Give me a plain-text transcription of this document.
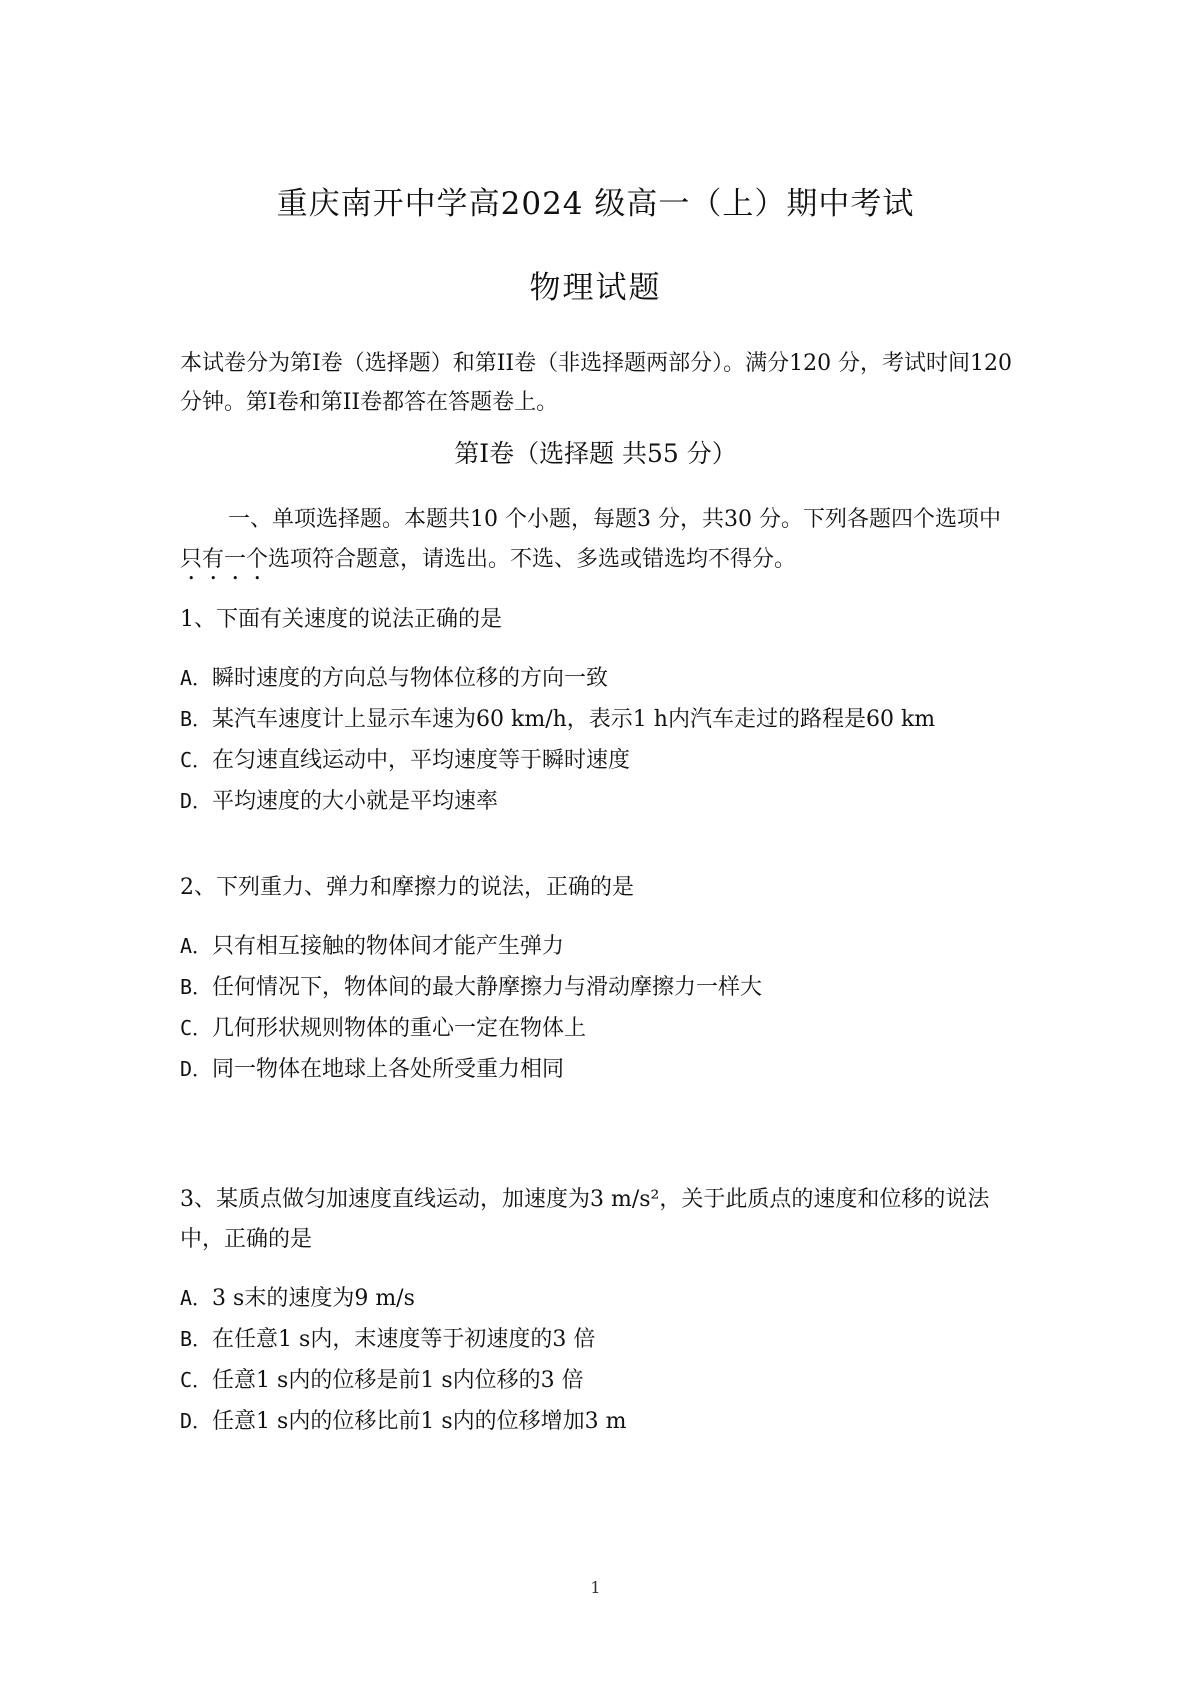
重庆南开中学高2024 级高一（上）期中考试
物理试题
本试卷分为第Ⅰ卷（选择题）和第II卷（非选择题两部分）。满分120 分，考试时间120 分钟。第Ⅰ卷和第II卷都答在答题卷上。
第Ⅰ卷（选择题 共55 分）
一、单项选择题。本题共10 个小题，每题3 分，共30 分。下列各题四个选项中只有一个选项符合题意，请选出。不选、多选或错选均不得分。

1、下面有关速度的说法正确的是

A．瞬时速度的方向总与物体位移的方向一致
B．某汽车速度计上显示车速为60 km/h，表示1 h内汽车走过的路程是60 km
C．在匀速直线运动中，平均速度等于瞬时速度
D．平均速度的大小就是平均速率

2、下列重力、弹力和摩擦力的说法，正确的是

A．只有相互接触的物体间才能产生弹力
B．任何情况下，物体间的最大静摩擦力与滑动摩擦力一样大
C．几何形状规则物体的重心一定在物体上
D．同一物体在地球上各处所受重力相同

3、某质点做匀加速度直线运动，加速度为3 m/s²，关于此质点的速度和位移的说法中，正确的是

A．3 s末的速度为9 m/s
B．在任意1 s内，末速度等于初速度的3 倍
C．任意1 s内的位移是前1 s内位移的3 倍
D．任意1 s内的位移比前1 s内的位移增加3 m
1
